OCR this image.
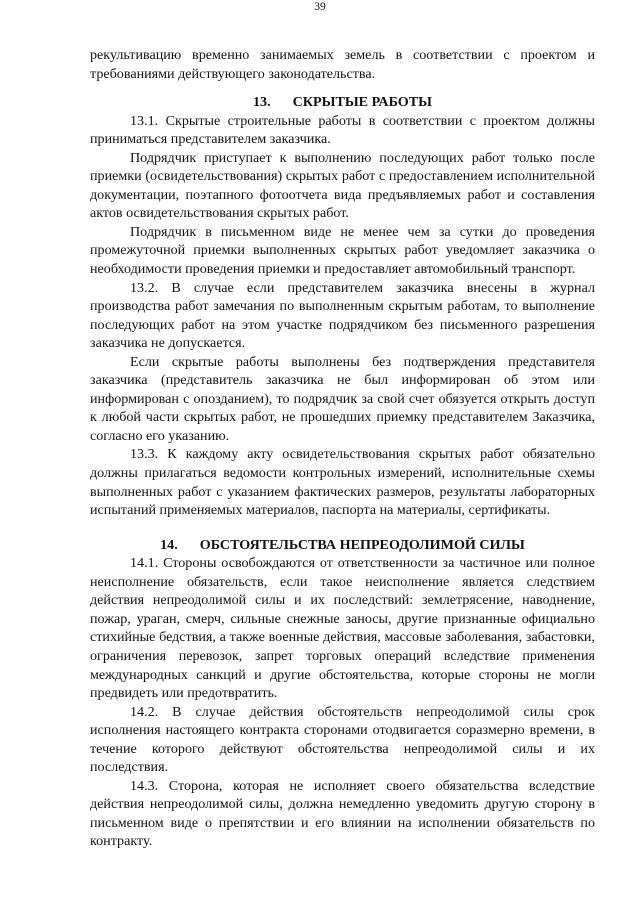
39

рекультивацию временно занимаемых земель в соответствии с проектом и требованиями действующего законодательства.

13. СКРЫТЫЕ РАБОТЫ

13.1. Скрытые строительные работы в соответствии с проектом должны приниматься представителем заказчика.

Подрядчик приступает к выполнению последующих работ только после приемки (освидетельствования) скрытых работ с предоставлением исполнительной документации, поэтапного фотоотчета вида предъявляемых работ и составления актов освидетельствования скрытых работ.

Подрядчик в письменном виде не менее чем за сутки до проведения промежуточной приемки выполненных скрытых работ уведомляет заказчика о необходимости проведения приемки и предоставляет автомобильный транспорт.

13.2. В случае если представителем заказчика внесены в журнал производства работ замечания по выполненным скрытым работам, то выполнение последующих работ на этом участке подрядчиком без письменного разрешения заказчика не допускается.

Если скрытые работы выполнены без подтверждения представителя заказчика (представитель заказчика не был информирован об этом или информирован с опозданием), то подрядчик за свой счет обязуется открыть доступ к любой части скрытых работ, не прошедших приемку представителем Заказчика, согласно его указанию.

13.3. К каждому акту освидетельствования скрытых работ обязательно должны прилагаться ведомости контрольных измерений, исполнительные схемы выполненных работ с указанием фактических размеров, результаты лабораторных испытаний применяемых материалов, паспорта на материалы, сертификаты.

14. ОБСТОЯТЕЛЬСТВА НЕПРЕОДОЛИМОЙ СИЛЫ

14.1. Стороны освобождаются от ответственности за частичное или полное неисполнение обязательств, если такое неисполнение является следствием действия непреодолимой силы и их последствий: землетрясение, наводнение, пожар, ураган, смерч, сильные снежные заносы, другие признанные официально стихийные бедствия, а также военные действия, массовые заболевания, забастовки, ограничения перевозок, запрет торговых операций вследствие применения международных санкций и другие обстоятельства, которые стороны не могли предвидеть или предотвратить.

14.2. В случае действия обстоятельств непреодолимой силы срок исполнения настоящего контракта сторонами отодвигается соразмерно времени, в течение которого действуют обстоятельства непреодолимой силы и их последствия.

14.3. Сторона, которая не исполняет своего обязательства вследствие действия непреодолимой силы, должна немедленно уведомить другую сторону в письменном виде о препятствии и его влиянии на исполнении обязательств по контракту.
